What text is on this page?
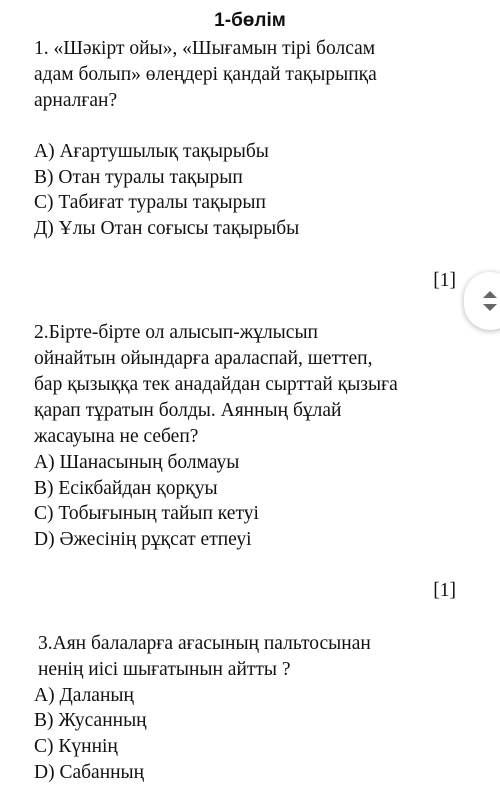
1-бөлім
1. «Шәкірт ойы», «Шығамын тірі болсам
адам болып» өлеңдері қандай тақырыпқа
арналған?
А) Ағартушылық тақырыбы
В) Отан туралы тақырып
С) Табиғат туралы тақырып
Д) Ұлы Отан соғысы тақырыбы
[1]
2.Бірте-бірте ол алысып-жұлысып
ойнайтын ойындарға араласпай, шеттеп,
бар қызыққа тек анадайдан сырттай қызыға
қарап тұратын болды. Аянның бұлай
жасауына не себеп?
А) Шанасының болмауы
В) Есікбайдан қорқуы
С) Тобығының тайып кетуі
D) Әжесінің рұқсат етпеуі
[1]
3.Аян балаларға ағасының пальтосынан
ненің иісі шығатынын айтты ?
А) Даланың
В) Жусанның
С) Күннің
D) Сабанның
